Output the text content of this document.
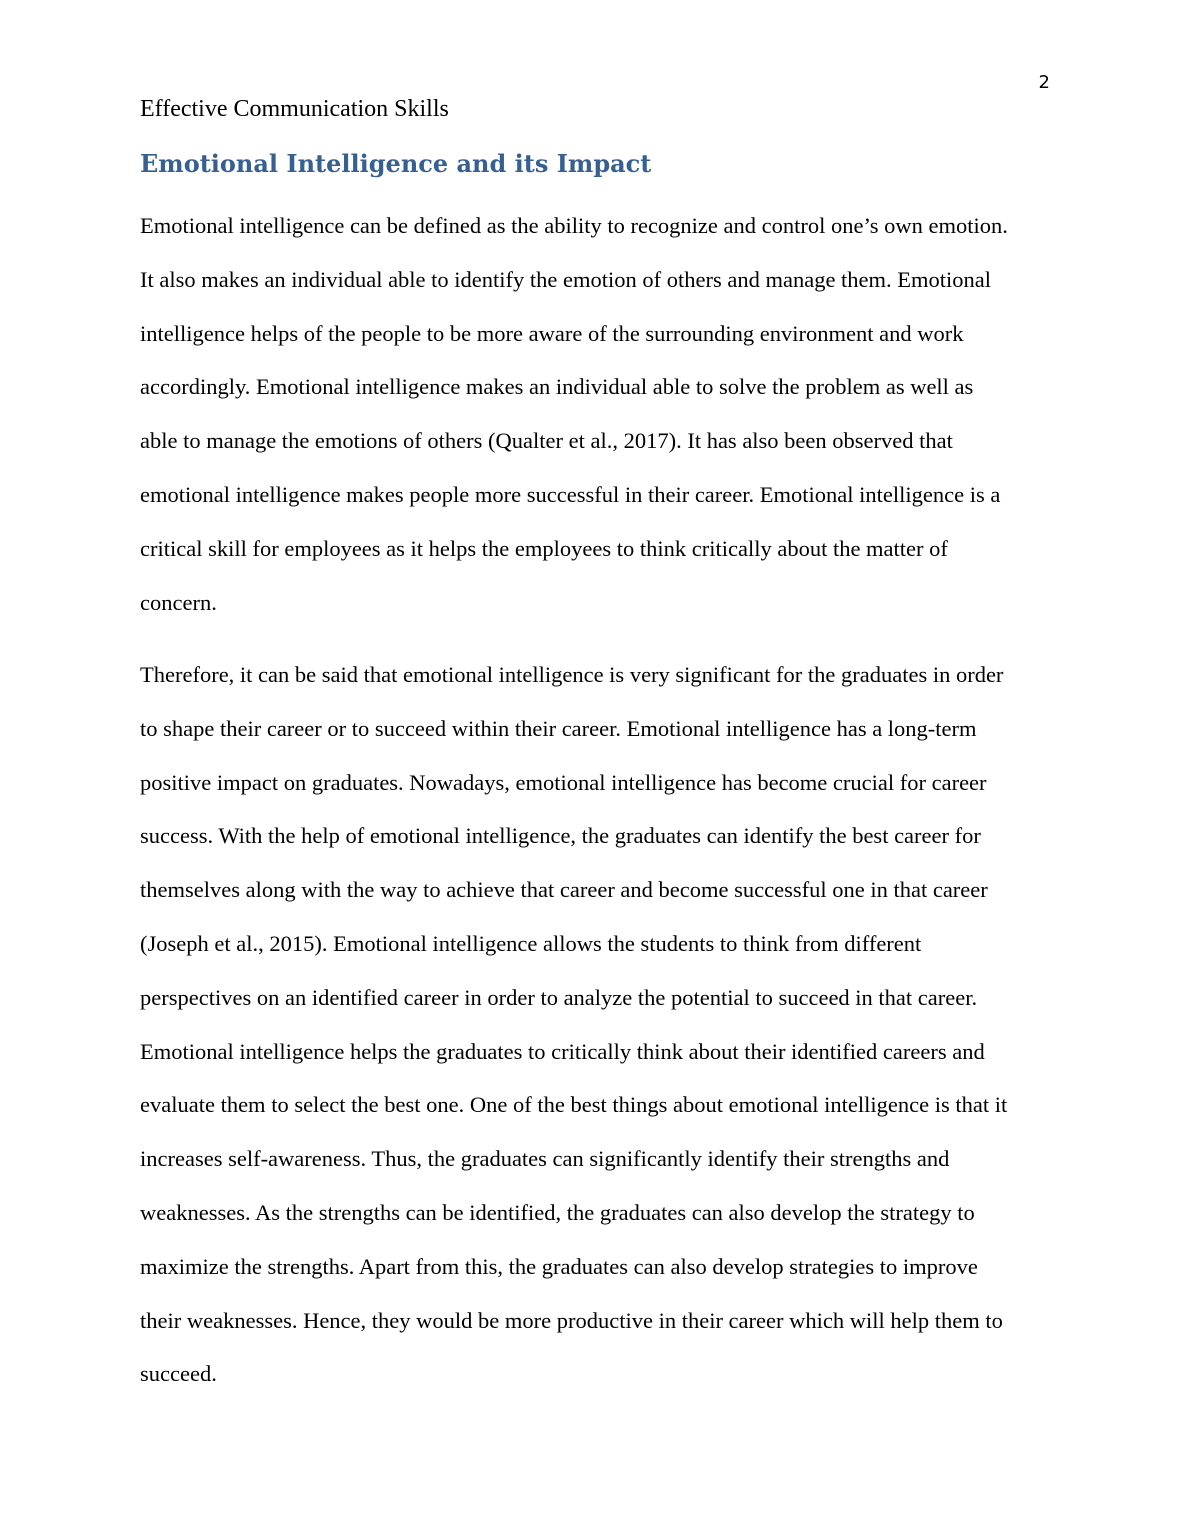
2
Effective Communication Skills
Emotional Intelligence and its Impact

Emotional intelligence can be defined as the ability to recognize and control one’s own emotion.
It also makes an individual able to identify the emotion of others and manage them. Emotional
intelligence helps of the people to be more aware of the surrounding environment and work
accordingly. Emotional intelligence makes an individual able to solve the problem as well as
able to manage the emotions of others (Qualter et al., 2017). It has also been observed that
emotional intelligence makes people more successful in their career. Emotional intelligence is a
critical skill for employees as it helps the employees to think critically about the matter of
concern.

Therefore, it can be said that emotional intelligence is very significant for the graduates in order
to shape their career or to succeed within their career. Emotional intelligence has a long-term
positive impact on graduates. Nowadays, emotional intelligence has become crucial for career
success. With the help of emotional intelligence, the graduates can identify the best career for
themselves along with the way to achieve that career and become successful one in that career
(Joseph et al., 2015). Emotional intelligence allows the students to think from different
perspectives on an identified career in order to analyze the potential to succeed in that career.
Emotional intelligence helps the graduates to critically think about their identified careers and
evaluate them to select the best one. One of the best things about emotional intelligence is that it
increases self-awareness. Thus, the graduates can significantly identify their strengths and
weaknesses. As the strengths can be identified, the graduates can also develop the strategy to
maximize the strengths. Apart from this, the graduates can also develop strategies to improve
their weaknesses. Hence, they would be more productive in their career which will help them to
succeed.
